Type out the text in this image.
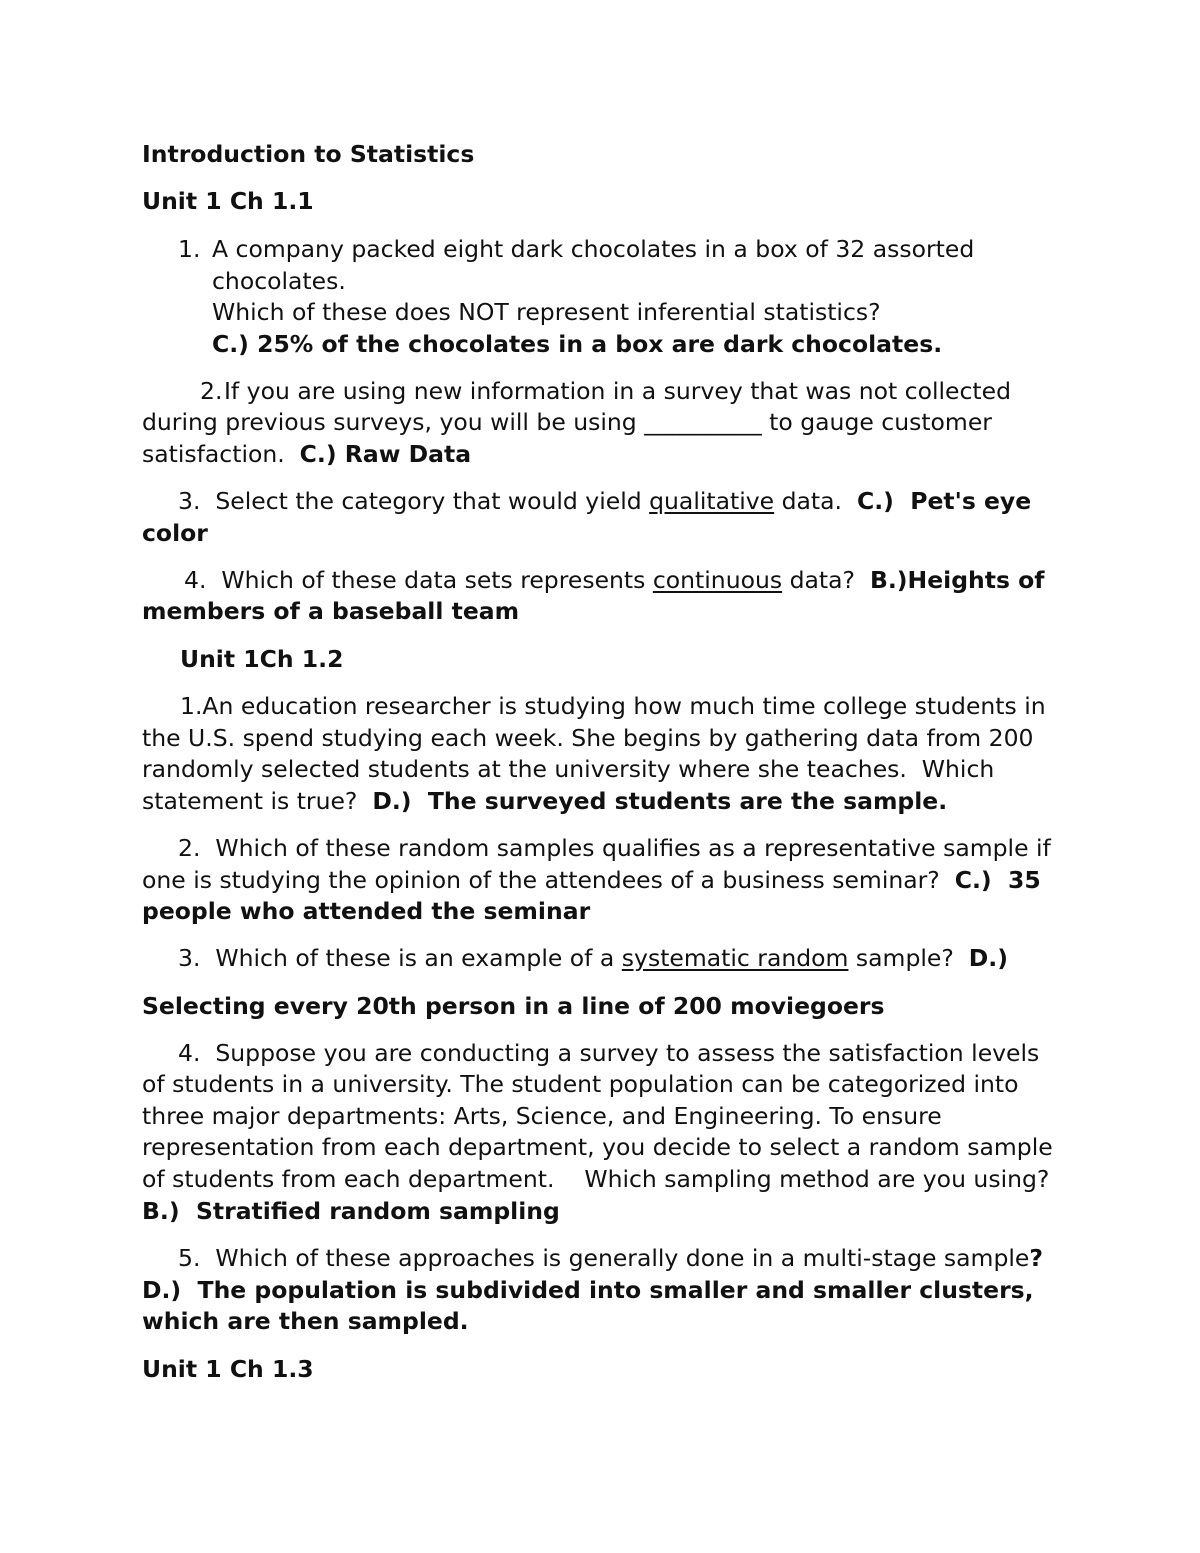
Introduction to Statistics
Unit 1 Ch 1.1
1. A company packed eight dark chocolates in a box of 32 assorted
chocolates.
Which of these does NOT represent inferential statistics?
C.) 25% of the chocolates in a box are dark chocolates.
2. If you are using new information in a survey that was not collected
during previous surveys, you will be using __________ to gauge customer
satisfaction. C.) Raw Data
3. Select the category that would yield qualitative data. C.)  Pet's eye
color
4. Which of these data sets represents continuous data? B.)Heights of
members of a baseball team
Unit 1Ch 1.2
1.An education researcher is studying how much time college students in
the U.S. spend studying each week. She begins by gathering data from 200
randomly selected students at the university where she teaches.  Which
statement is true? D.)  The surveyed students are the sample.
2. Which of these random samples qualifies as a representative sample if
one is studying the opinion of the attendees of a business seminar? C.)  35
people who attended the seminar
3. Which of these is an example of a systematic random sample? D.)
Selecting every 20th person in a line of 200 moviegoers
4. Suppose you are conducting a survey to assess the satisfaction levels
of students in a university. The student population can be categorized into
three major departments: Arts, Science, and Engineering. To ensure
representation from each department, you decide to select a random sample
of students from each department.    Which sampling method are you using?
B.)  Stratified random sampling
5. Which of these approaches is generally done in a multi-stage sample?
D.)  The population is subdivided into smaller and smaller clusters,
which are then sampled.
Unit 1 Ch 1.3
